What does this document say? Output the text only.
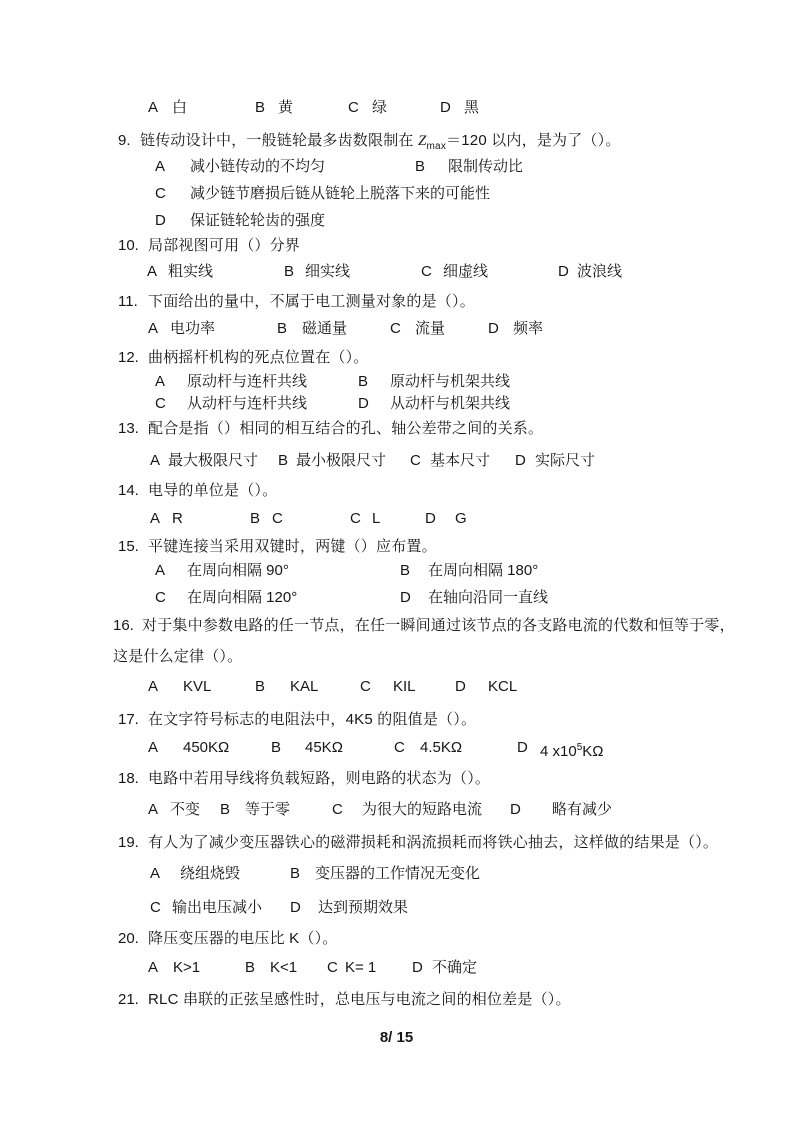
A 白	B 黄	C 绿	D 黑
9. 链传动设计中，一般链轮最多齿数限制在 $Z_{max}=120$ 以内，是为了（）。
A 减小链传动的不均匀	B 限制传动比
C 减少链节磨损后链从链轮上脱落下来的可能性
D 保证链轮轮齿的强度
10. 局部视图可用（）分界
A 粗实线	B 细实线	C 细虚线	D 波浪线
11. 下面给出的量中，不属于电工测量对象的是（）。
A 电功率	B 磁通量	C 流量	D 频率
12. 曲柄摇杆机构的死点位置在（）。
A 原动杆与连杆共线	B 原动杆与机架共线
C 从动杆与连杆共线	D 从动杆与机架共线
13. 配合是指（）相同的相互结合的孔、轴公差带之间的关系。
A 最大极限尺寸 B 最小极限尺寸 C 基本尺寸 D 实际尺寸
14. 电导的单位是（）。
A R	B C	C L	D G
15. 平键连接当采用双键时，两键（）应布置。
A 在周向相隔 90°	B 在周向相隔 180°
C 在周向相隔 120°	D 在轴向沿同一直线
16. 对于集中参数电路的任一节点，在任一瞬间通过该节点的各支路电流的代数和恒等于零，
这是什么定律（）。
A KVL	B KAL	C KIL	D KCL
17. 在文字符号标志的电阻法中，4K5 的阻值是（）。
A 450KΩ	B 45KΩ	C 4.5KΩ	D 4 $x10^5K\Omega$
18. 电路中若用导线将负载短路，则电路的状态为（）。
A 不变 B 等于零	C 为很大的短路电流 D 略有减少
19. 有人为了减少变压器铁心的磁滞损耗和涡流损耗而将铁心抽去，这样做的结果是（）。
A 绕组烧毁	B 变压器的工作情况无变化
C 输出电压减小 D 达到预期效果
20. 降压变压器的电压比 K（）。
A K>1	B K<1 C K= 1 D 不确定
21. RLC 串联的正弦呈感性时，总电压与电流之间的相位差是（）。
8/ 15
